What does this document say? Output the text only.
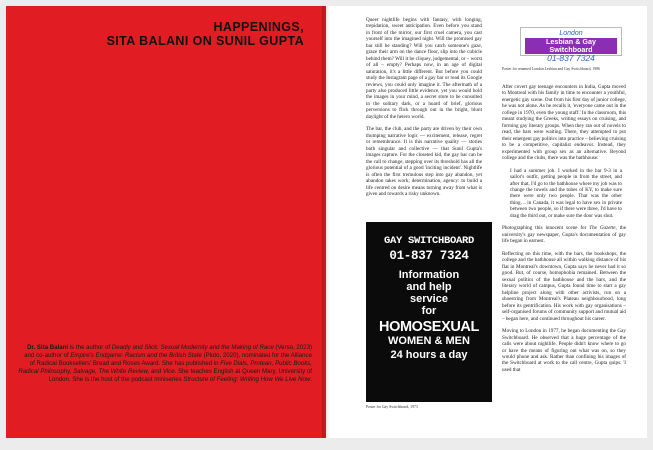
HAPPENINGS,
SITA BALANI ON SUNIL GUPTA
Dr. Sita Balani is the author of Deadly and Slick: Sexual Modernity and the Making of Race (Verso, 2023) and co-author of Empire's Endgame: Racism and the British State (Pluto, 2020), nominated for the Alliance of Radical Booksellers' Bread and Roses Award. She has published in Five Dials, Protean, Public Books, Radical Philosophy, Salvage, The White Review, and Vice. She teaches English at Queen Mary, University of London. She is the host of the podcast miniseries Structure of Feeling: Writing How We Live Now.

Queer nightlife begins with fantasy, with longing, trepidation, sweet anticipation. Even before you stand in front of the mirror, our first cruel camera, you cast yourself into the imagined night. Will the promised gay bar still be standing? Will you catch someone's gaze, graze their arm on the dance floor, slip into the cubicle behind them? Will it be cliquey, judgemental, or – worst of all – empty? Perhaps now, in an age of digital saturation, it's a little different. But before you could study the Instagram page of a gay bar or read its Google reviews, you could only imagine it. The aftermath of a party also produced little evidence, yet you would hold the images in your mind, a secret store to be consulted in the solitary dark, or a hoard of brief, glorious perversions to flick through out in the bright, blunt daylight of the hetero world.

The bar, the club, and the party are driven by their own thumping narrative logic — excitement, release, regret or remembrance. It is this narrative quality — stories both singular and collective — that Sunil Gupta's images capture. For the closeted kid, the gay bar can be the call to change, stepping over its threshold has all the glorious potential of a good 'inciting incident'. Nightlife is often the first tremulous step into gay abandon, yet abandon takes work; determination, agency: to build a life centred on desire means turning away from what is given and towards a risky unknown.

London
Lesbian & Gay Switchboard
01-837 7324
Poster for renamed London Lesbian and Gay Switchboard, 1986

After covert gay teenage encounters in India, Gupta moved to Montreal with his family in time to encounter a youthful, energetic gay scene. Out from his first day of junior college, he was not alone. As he recalls it, 'everyone came out in the college in 1970, even the young staff.' In the classroom, this meant studying the Greeks, writing essays on cruising, and forming gay literary groups. When they ran out of novels to read, the bars were waiting. There, they attempted to put their emergent gay politics into practice – believing cruising to be a competitive, capitalist endeavor. Instead, they experimented with group sex as an alternative. Beyond college and the clubs, there was the bathhouse:

I had a summer job. I worked in the bar 9-3 in a sailor's outfit, getting people in from the street, and after that, I'd go to the bathhouse where my job was to change the towels and the tubes of KY, to make sure there were only two people. That was the other thing… in Canada, it was legal to have sex in private between two people, so if there were three, I'd have to drag the third out, or make sure the door was shut.

Photographing this innocent scene for The Gazette, the university's gay newspaper, Gupta's documentation of gay life began in earnest.

Reflecting on this time, with the bars, the bookshops, the college and the bathhouse all within walking distance of his flat in Montreal's downtown, Gupta says he never had it so good. But, of course, homophobia remained. Between the sexual politics of the bathhouse and the bars, and the literary world of campus, Gupta found time to start a gay helpline project along with other activists, run on a shoestring from Montreal's Plateau neighbourhood, long before its gentrification. His work with gay organisations – self-organised forums of community support and mutual aid – began here, and continued throughout his career.

Moving to London in 1977, he began documenting the Gay Switchboard. He observed that a huge percentage of the calls were about nightlife. People didn't know where to go or have the means of figuring out what was on, so they would phone and ask. Rather than confining his images of the Switchboard at work to the call centre, Gupta quips: 'I used that

GAY SWITCHBOARD
01-837 7324
Information
and help
service
for
HOMOSEXUAL
WOMEN & MEN
24 hours a day
Poster for Gay Switchboard, 1973
